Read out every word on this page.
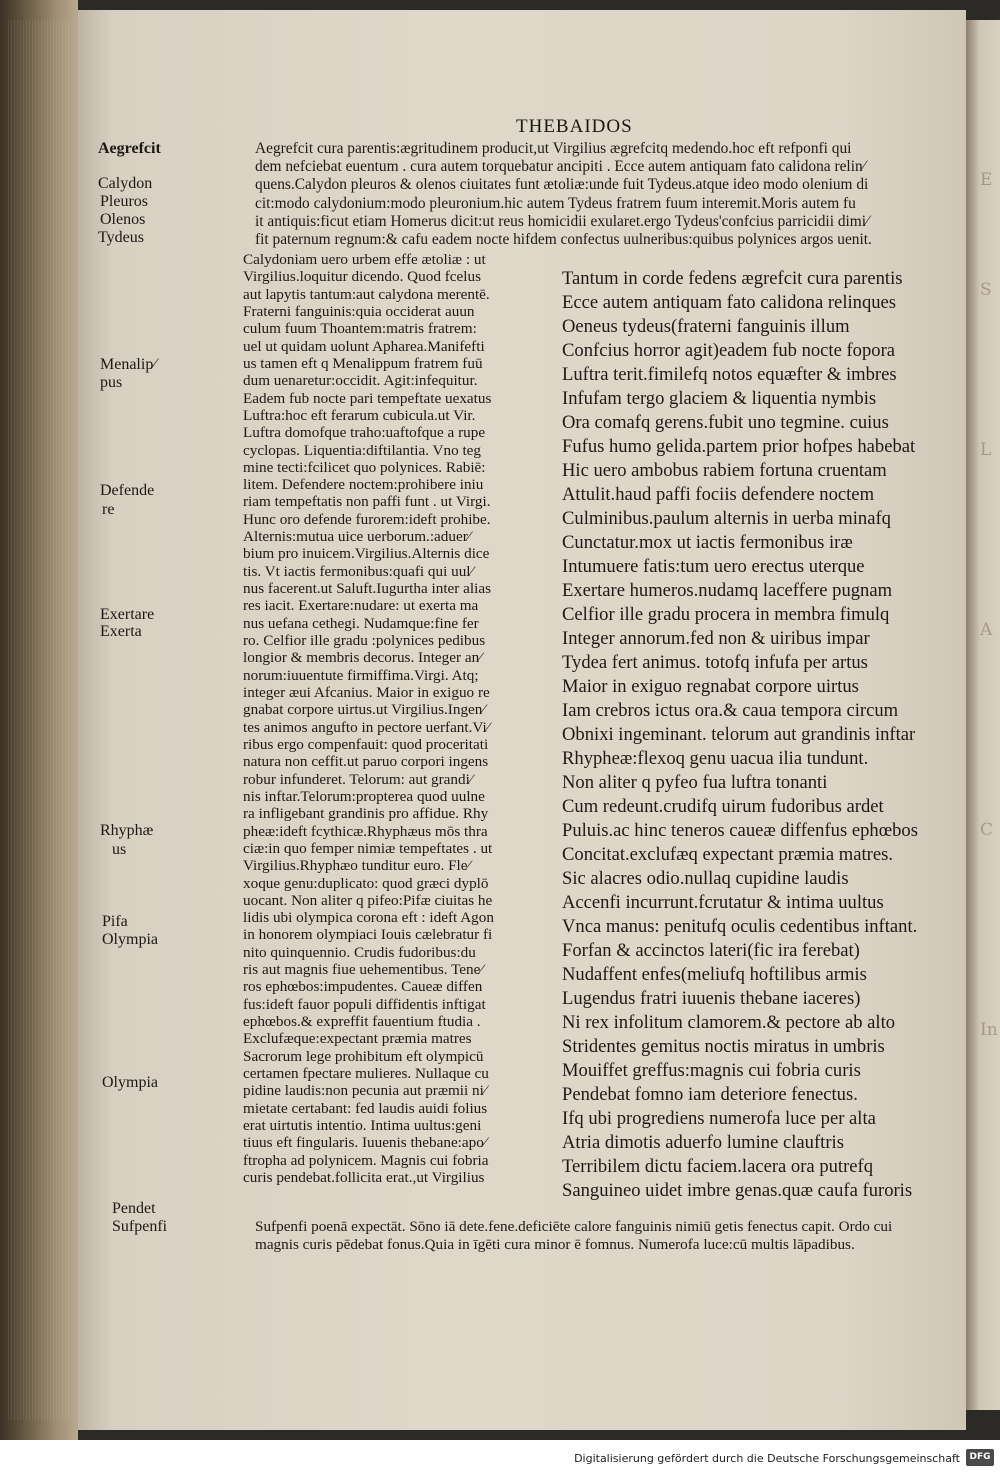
THEBAIDOS
Aegrefcit
Calydon
Pleuros
Olenos
Tydeus
Menalip⁄
pus
Defende
re
Exertare
Exerta
Rhyphæ
us
Pifa
Olympia
Olympia
Pendet
Sufpenfi
Aegrefcit cura parentis:ægritudinem producit,ut Virgilius ægrefcitq medendo.hoc eft refponfi qui
dem nefciebat euentum . cura autem torquebatur ancipiti . Ecce autem antiquam fato calidona relin⁄
quens.Calydon pleuros & olenos ciuitates funt ætoliæ:unde fuit Tydeus.atque ideo modo olenium di
cit:modo calydonium:modo pleuronium.hic autem Tydeus fratrem fuum interemit.Moris autem fu
it antiquis:ficut etiam Homerus dicit:ut reus homicidii exularet.ergo Tydeus'confcius parricidii dimi⁄
fit paternum regnum:& cafu eadem nocte hifdem confectus uulneribus:quibus polynices argos uenit.
Calydoniam uero urbem effe ætoliæ : ut
Virgilius.loquitur dicendo. Quod fcelus
aut lapytis tantum:aut calydona merentē.
Fraterni fanguinis:quia occiderat auun
culum fuum Thoantem:matris fratrem:
uel ut quidam uolunt Apharea.Manifefti
us tamen eft q Menalippum fratrem fuū
dum uenaretur:occidit. Agit:infequitur.
Eadem fub nocte pari tempeftate uexatus
Luftra:hoc eft ferarum cubicula.ut Vir.
Luftra domofque traho:uaftofque a rupe
cyclopas. Liquentia:diftilantia. Vno teg
mine tecti:fcilicet quo polynices. Rabiē:
litem. Defendere noctem:prohibere iniu
riam tempeftatis non paffi funt . ut Virgi.
Hunc oro defende furorem:ideft prohibe.
Alternis:mutua uice uerborum.:aduer⁄
bium pro inuicem.Virgilius.Alternis dice
tis. Vt iactis fermonibus:quafi qui uul⁄
nus facerent.ut Saluft.Iugurtha inter alias
res iacit. Exertare:nudare: ut exerta ma
nus uefana cethegi. Nudamque:fine fer
ro. Celfior ille gradu :polynices pedibus
longior & membris decorus. Integer an⁄
norum:iuuentute firmiffima.Virgi. Atq;
integer æui Afcanius. Maior in exiguo re
gnabat corpore uirtus.ut Virgilius.Ingen⁄
tes animos angufto in pectore uerfant.Vi⁄
ribus ergo compenfauit: quod proceritati
natura non ceffit.ut paruo corpori ingens
robur infunderet. Telorum: aut grandi⁄
nis inftar.Telorum:propterea quod uulne
ra infligebant grandinis pro affidue. Rhy
pheæ:ideft fcythicæ.Rhyphæus mōs thra
ciæ:in quo femper nimiæ tempeftates . ut
Virgilius.Rhyphæo tunditur euro. Fle⁄
xoque genu:duplicato: quod græci dyplō
uocant. Non aliter q pifeo:Pifæ ciuitas he
lidis ubi olympica corona eft : ideft Agon
in honorem olympiaci Iouis cælebratur fi
nito quinquennio. Crudis fudoribus:du
ris aut magnis fiue uehementibus. Tene⁄
ros ephœbos:impudentes. Caueæ diffen
fus:ideft fauor populi diffidentis inftigat
ephœbos.& expreffit fauentium ftudia .
Exclufæque:expectant præmia matres
Sacrorum lege prohibitum eft olympicū
certamen fpectare mulieres. Nullaque cu
pidine laudis:non pecunia aut præmii ni⁄
mietate certabant: fed laudis auidi folius
erat uirtutis intentio. Intima uultus:geni
tiuus eft fingularis. Iuuenis thebane:apo⁄
ftropha ad polynicem. Magnis cui fobria
curis pendebat.follicita erat.,ut Virgilius
Tantum in corde fedens ægrefcit cura parentis
Ecce autem antiquam fato calidona relinques
Oeneus tydeus(fraterni fanguinis illum
Confcius horror agit)eadem fub nocte fopora
Luftra terit.fimilefq notos equæfter & imbres
Infufam tergo glaciem & liquentia nymbis
Ora comafq gerens.fubit uno tegmine. cuius
Fufus humo gelida.partem prior hofpes habebat
Hic uero ambobus rabiem fortuna cruentam
Attulit.haud paffi fociis defendere noctem
Culminibus.paulum alternis in uerba minafq
Cunctatur.mox ut iactis fermonibus iræ
Intumuere fatis:tum uero erectus uterque
Exertare humeros.nudamq laceffere pugnam
Celfior ille gradu procera in membra fimulq
Integer annorum.fed non & uiribus impar
Tydea fert animus. totofq infufa per artus
Maior in exiguo regnabat corpore uirtus
Iam crebros ictus ora.& caua tempora circum
Obnixi ingeminant. telorum aut grandinis inftar
Rhypheæ:flexoq genu uacua ilia tundunt.
Non aliter q pyfeo fua luftra tonanti
Cum redeunt.crudifq uirum fudoribus ardet
Puluis.ac hinc teneros caueæ diffenfus ephœbos
Concitat.exclufæq expectant præmia matres.
Sic alacres odio.nullaq cupidine laudis
Accenfi incurrunt.fcrutatur & intima uultus
Vnca manus: penitufq oculis cedentibus inftant.
Forfan & accinctos lateri(fic ira ferebat)
Nudaffent enfes(meliufq hoftilibus armis
Lugendus fratri iuuenis thebane iaceres)
Ni rex infolitum clamorem.& pectore ab alto
Stridentes gemitus noctis miratus in umbris
Mouiffet greffus:magnis cui fobria curis
Pendebat fomno iam deteriore fenectus.
Ifq ubi progrediens numerofa luce per alta
Atria dimotis aduerfo lumine clauftris
Terribilem dictu faciem.lacera ora putrefq
Sanguineo uidet imbre genas.quæ caufa furoris
Sufpenfi poenā expectāt. Sōno iā dete.fene.deficiēte calore fanguinis nimiū getis fenectus capit. Ordo cui
magnis curis pēdebat fonus.Quia in īgēti cura minor ē fomnus. Numerofa luce:cū multis lāpadibus.
E
S
L
A
C
In
Digitalisierung gefördert durch die Deutsche Forschungsgemeinschaft	DFG
